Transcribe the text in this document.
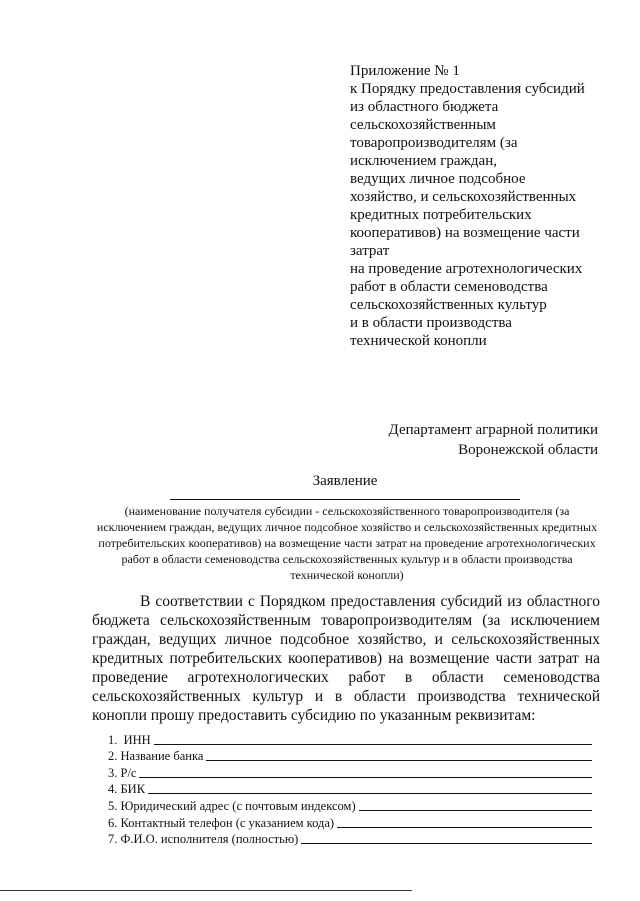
Приложение № 1
к Порядку предоставления субсидий
из областного бюджета
сельскохозяйственным
товаропроизводителям (за
исключением граждан,
ведущих личное подсобное
хозяйство, и сельскохозяйственных
кредитных потребительских
кооперативов) на возмещение части
затрат
на проведение агротехнологических
работ в области семеноводства
сельскохозяйственных культур
и в области производства
технической конопли
Департамент аграрной политики
Воронежской области
Заявление
(наименование получателя субсидии - сельскохозяйственного товаропроизводителя (за исключением граждан, ведущих личное подсобное хозяйство и сельскохозяйственных кредитных потребительских кооперативов) на возмещение части затрат на проведение агротехнологических работ в области семеноводства сельскохозяйственных культур и в области производства технической конопли)
В соответствии с Порядком предоставления субсидий из областного бюджета сельскохозяйственным товаропроизводителям (за исключением граждан, ведущих личное подсобное хозяйство, и сельскохозяйственных кредитных потребительских кооперативов) на возмещение части затрат на проведение агротехнологических работ в области семеноводства сельскохозяйственных культур и в области производства технической конопли прошу предоставить субсидию по указанным реквизитам:
1.  ИНН
2. Название банка
3. Р/с
4. БИК
5. Юридический адрес (с почтовым индексом)
6. Контактный телефон (с указанием кода)
7. Ф.И.О. исполнителя (полностью)
